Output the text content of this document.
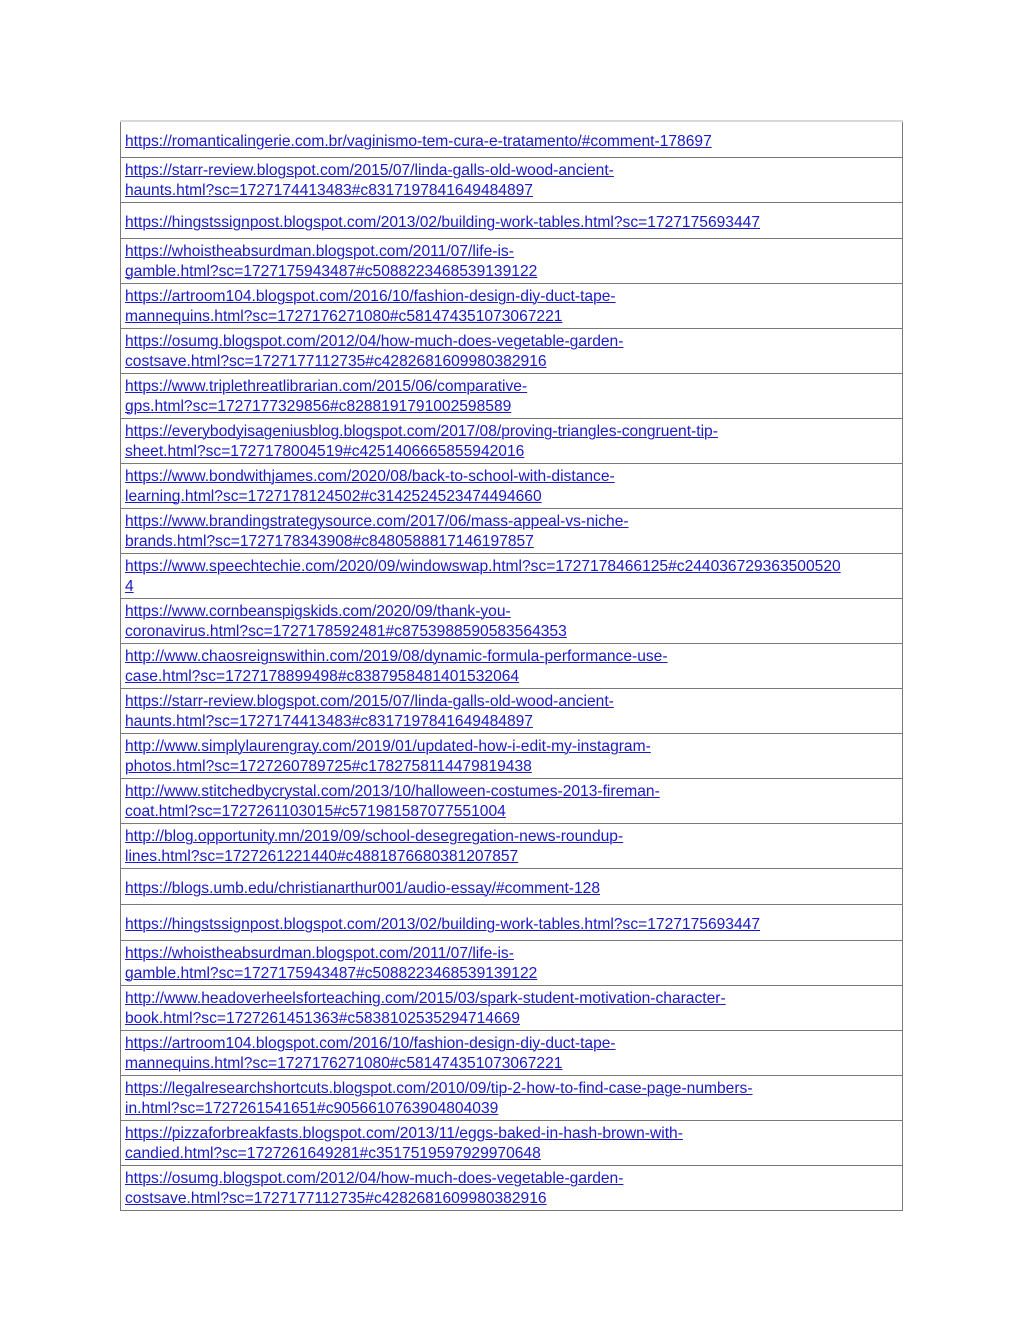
https://romanticalingerie.com.br/vaginismo-tem-cura-e-tratamento/#comment-178697
https://starr-review.blogspot.com/2015/07/linda-galls-old-wood-ancient-
haunts.html?sc=1727174413483#c8317197841649484897
https://hingstssignpost.blogspot.com/2013/02/building-work-tables.html?sc=1727175693447
https://whoistheabsurdman.blogspot.com/2011/07/life-is-
gamble.html?sc=1727175943487#c5088223468539139122
https://artroom104.blogspot.com/2016/10/fashion-design-diy-duct-tape-
mannequins.html?sc=1727176271080#c581474351073067221
https://osumg.blogspot.com/2012/04/how-much-does-vegetable-garden-
costsave.html?sc=1727177112735#c4282681609980382916
https://www.triplethreatlibrarian.com/2015/06/comparative-
gps.html?sc=1727177329856#c8288191791002598589
https://everybodyisageniusblog.blogspot.com/2017/08/proving-triangles-congruent-tip-
sheet.html?sc=1727178004519#c4251406665855942016
https://www.bondwithjames.com/2020/08/back-to-school-with-distance-
learning.html?sc=1727178124502#c3142524523474494660
https://www.brandingstrategysource.com/2017/06/mass-appeal-vs-niche-
brands.html?sc=1727178343908#c8480588817146197857
https://www.speechtechie.com/2020/09/windowswap.html?sc=1727178466125#c244036729363500520
4
https://www.cornbeanspigskids.com/2020/09/thank-you-
coronavirus.html?sc=1727178592481#c8753988590583564353
http://www.chaosreignswithin.com/2019/08/dynamic-formula-performance-use-
case.html?sc=1727178899498#c8387958481401532064
https://starr-review.blogspot.com/2015/07/linda-galls-old-wood-ancient-
haunts.html?sc=1727174413483#c8317197841649484897
http://www.simplylaurengray.com/2019/01/updated-how-i-edit-my-instagram-
photos.html?sc=1727260789725#c1782758114479819438
http://www.stitchedbycrystal.com/2013/10/halloween-costumes-2013-fireman-
coat.html?sc=1727261103015#c571981587077551004
http://blog.opportunity.mn/2019/09/school-desegregation-news-roundup-
lines.html?sc=1727261221440#c4881876680381207857
https://blogs.umb.edu/christianarthur001/audio-essay/#comment-128
https://hingstssignpost.blogspot.com/2013/02/building-work-tables.html?sc=1727175693447
https://whoistheabsurdman.blogspot.com/2011/07/life-is-
gamble.html?sc=1727175943487#c5088223468539139122
http://www.headoverheelsforteaching.com/2015/03/spark-student-motivation-character-
book.html?sc=1727261451363#c5838102535294714669
https://artroom104.blogspot.com/2016/10/fashion-design-diy-duct-tape-
mannequins.html?sc=1727176271080#c581474351073067221
https://legalresearchshortcuts.blogspot.com/2010/09/tip-2-how-to-find-case-page-numbers-
in.html?sc=1727261541651#c9056610763904804039
https://pizzaforbreakfasts.blogspot.com/2013/11/eggs-baked-in-hash-brown-with-
candied.html?sc=1727261649281#c3517519597929970648
https://osumg.blogspot.com/2012/04/how-much-does-vegetable-garden-
costsave.html?sc=1727177112735#c4282681609980382916
